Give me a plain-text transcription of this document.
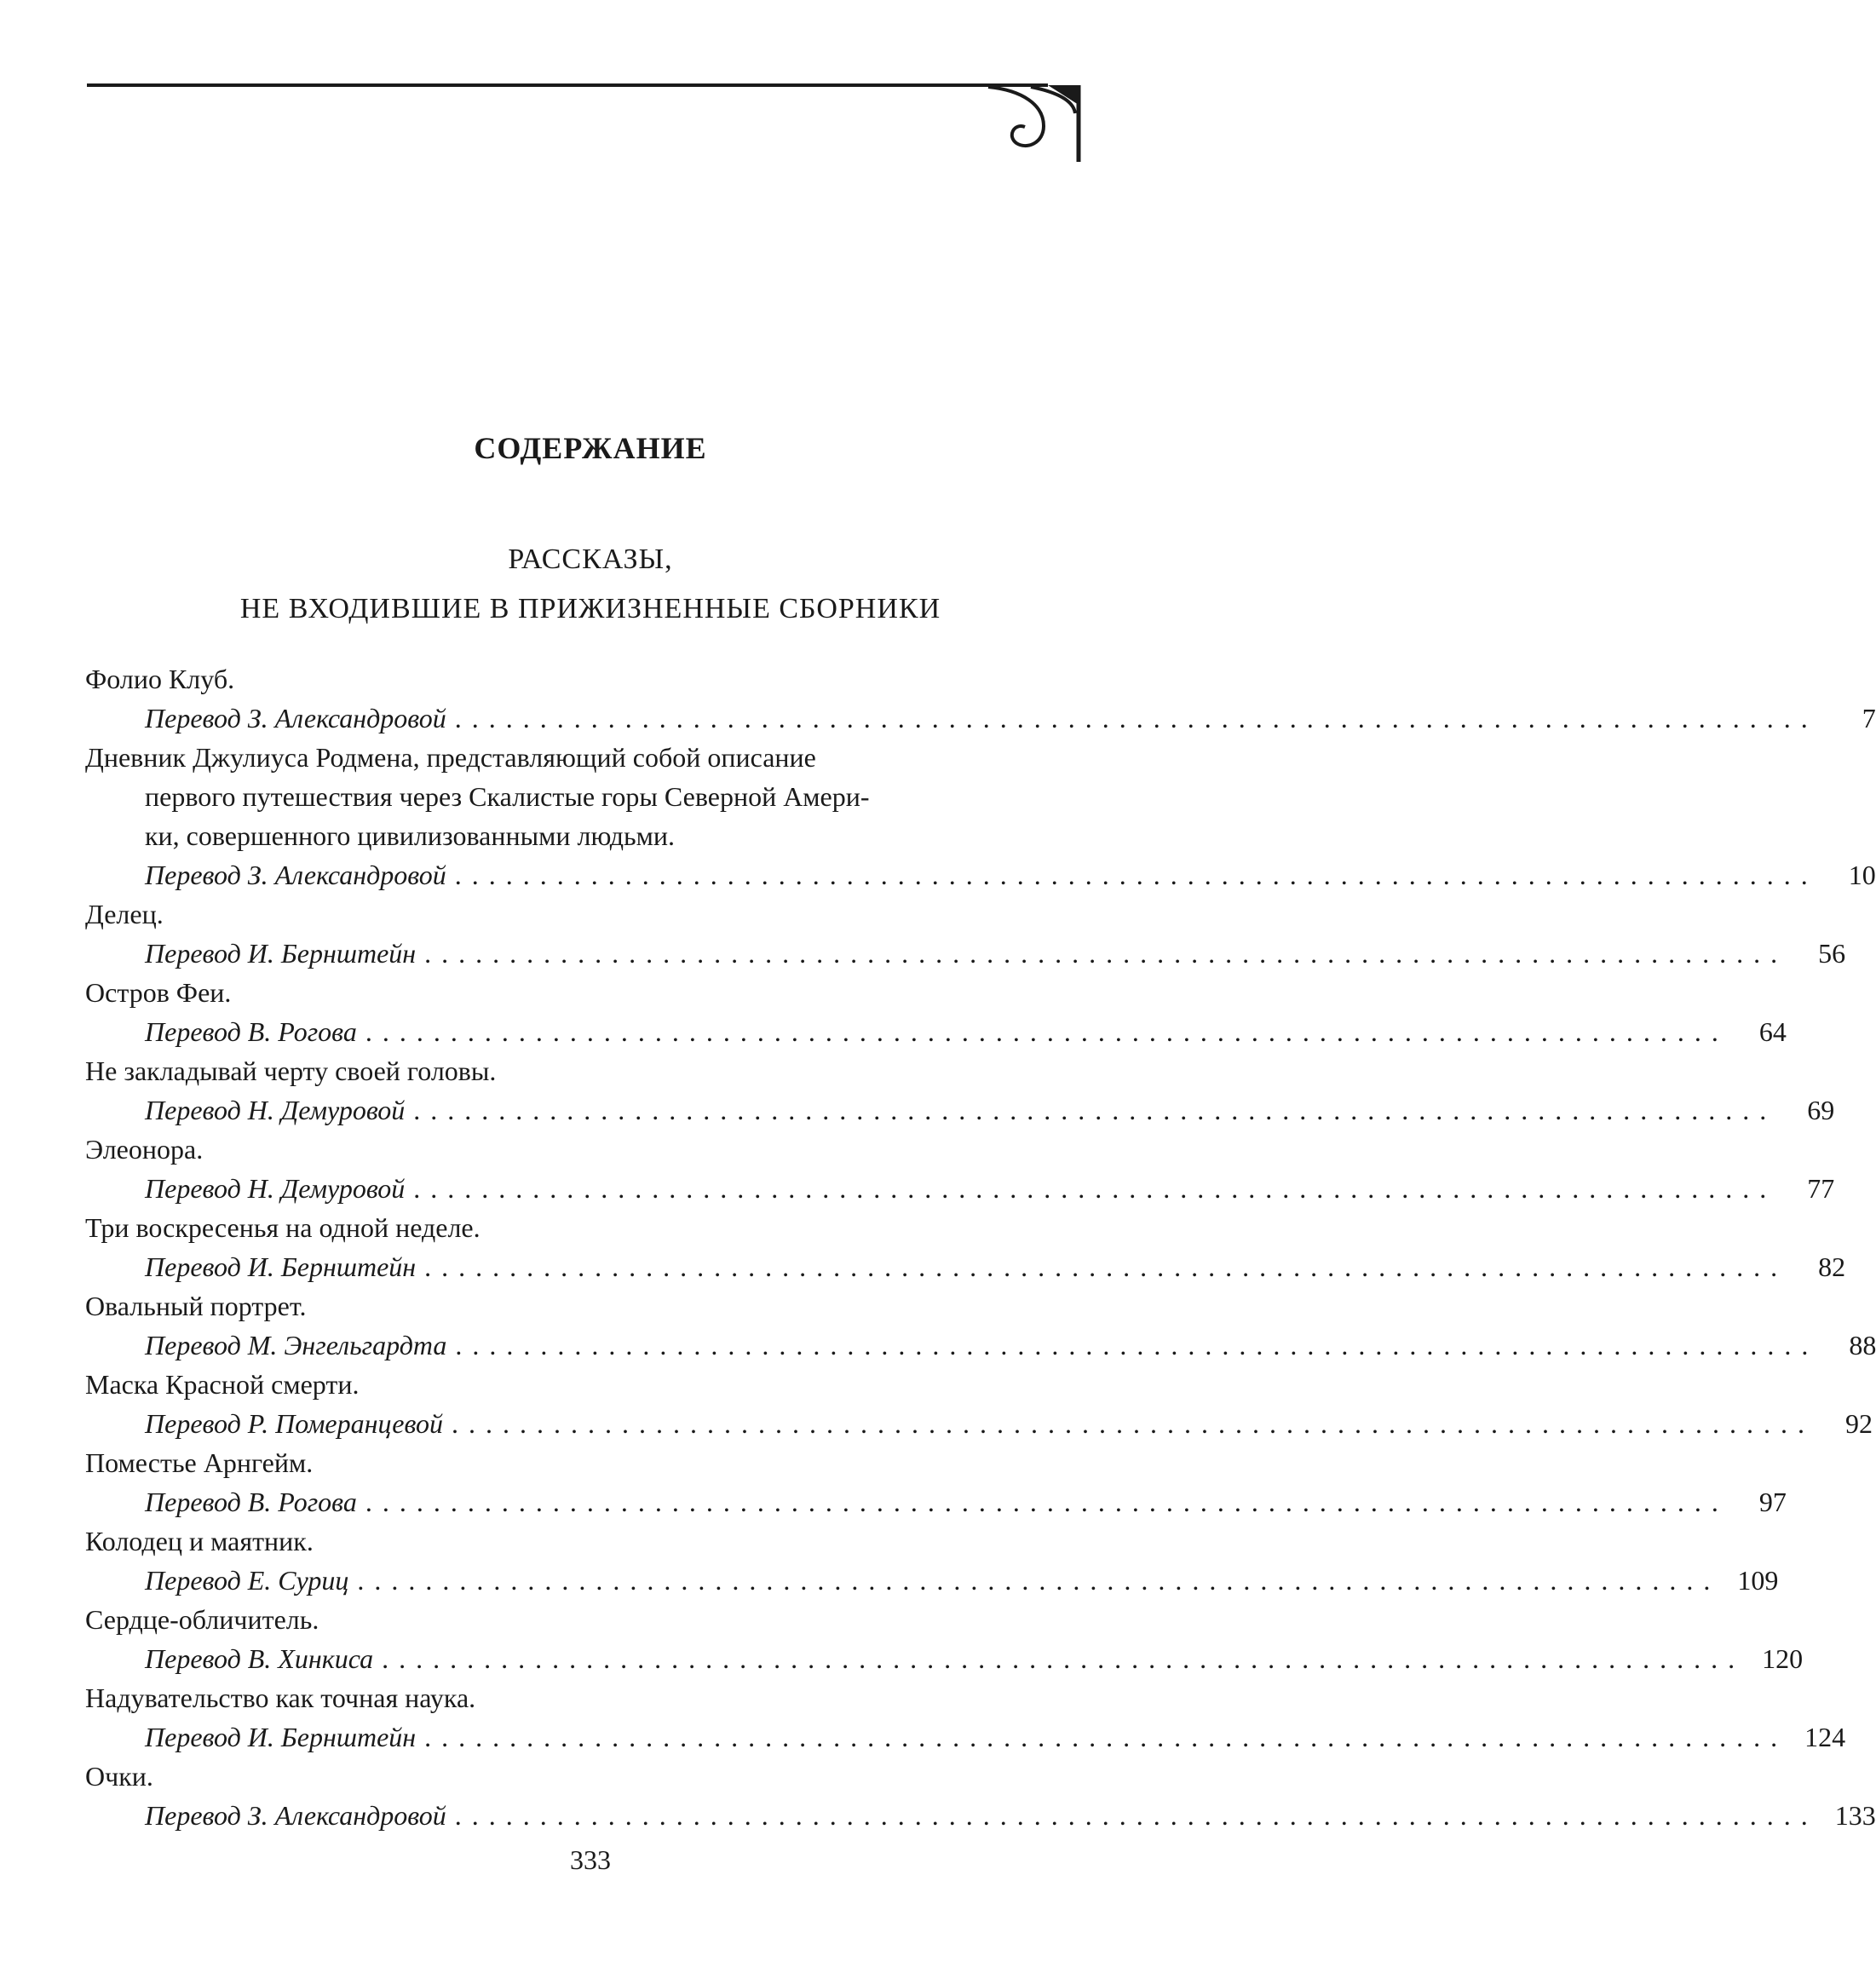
СОДЕРЖАНИЕ
РАССКАЗЫ,
НЕ ВХОДИВШИЕ В ПРИЖИЗНЕННЫЕ СБОРНИКИ
Фолио Клуб.
Перевод З. Александровой ................................................................................	7
Дневник Джулиуса Родмена, представляющий собой описание
первого путешествия через Скалистые горы Северной Амери-
ки, совершенного цивилизованными людьми.
Перевод З. Александровой ................................................................................	10
Делец.
Перевод И. Бернштейн ................................................................................	56
Остров Феи.
Перевод В. Рогова ................................................................................	64
Не закладывай черту своей головы.
Перевод Н. Демуровой ................................................................................	69
Элеонора.
Перевод Н. Демуровой ................................................................................	77
Три воскресенья на одной неделе.
Перевод И. Бернштейн ................................................................................	82
Овальный портрет.
Перевод М. Энгельгардта ................................................................................	88
Маска Красной смерти.
Перевод Р. Померанцевой ................................................................................	92
Поместье Арнгейм.
Перевод В. Рогова ................................................................................	97
Колодец и маятник.
Перевод Е. Суриц ................................................................................ 109
Сердце-обличитель.
Перевод В. Хинкиса ................................................................................ 120
Надувательство как точная наука.
Перевод И. Бернштейн ................................................................................ 124
Очки.
Перевод З. Александровой ................................................................................ 133
333
